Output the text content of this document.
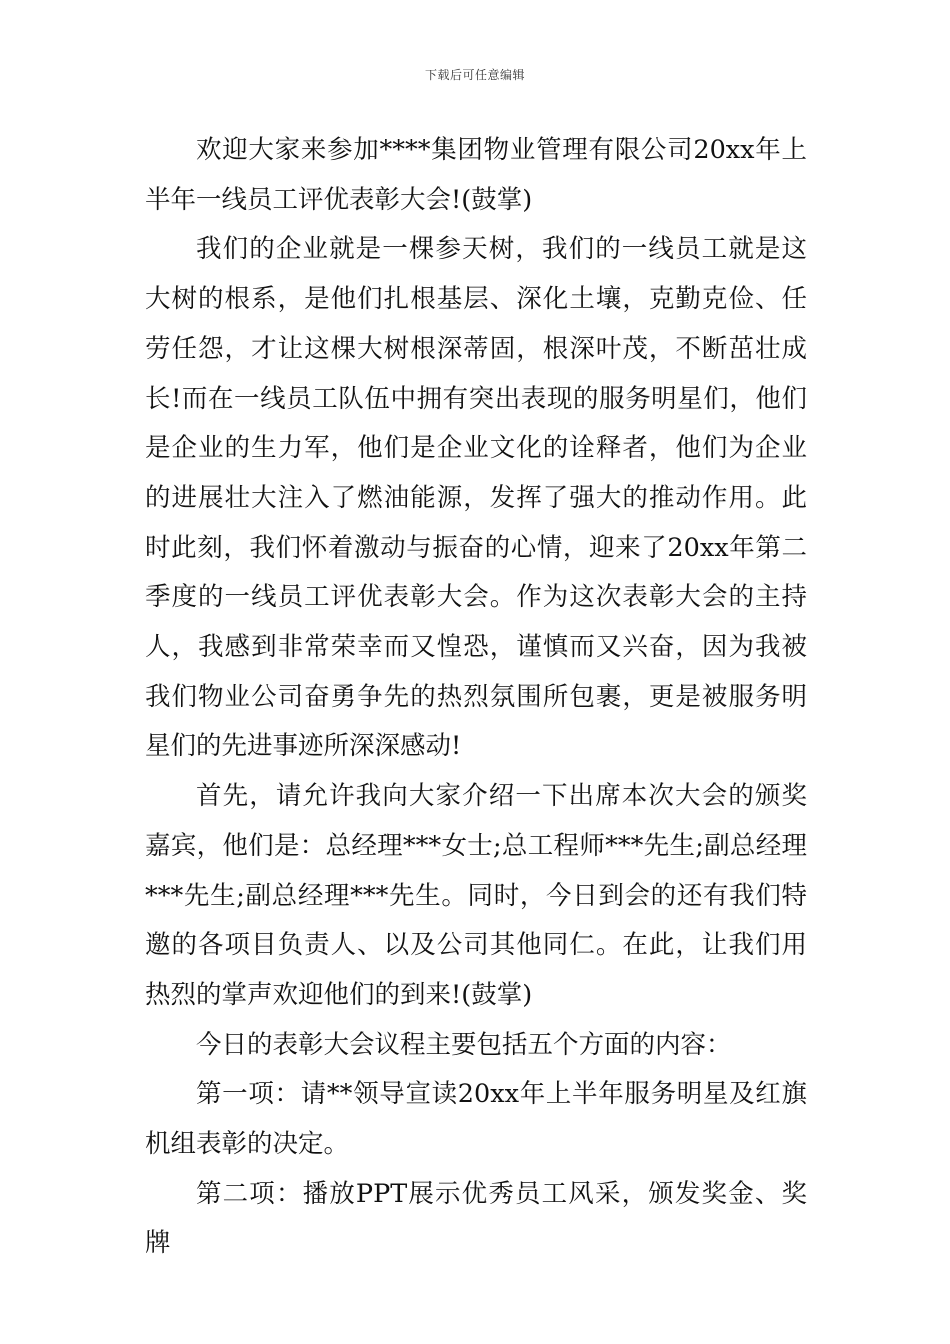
下载后可任意编辑

欢迎大家来参加****集团物业管理有限公司20xx年上半年一线员工评优表彰大会!(鼓掌)

我们的企业就是一棵参天树，我们的一线员工就是这大树的根系，是他们扎根基层、深化土壤，克勤克俭、任劳任怨，才让这棵大树根深蒂固，根深叶茂，不断茁壮成长!而在一线员工队伍中拥有突出表现的服务明星们，他们是企业的生力军，他们是企业文化的诠释者，他们为企业的进展壮大注入了燃油能源，发挥了强大的推动作用。此时此刻，我们怀着激动与振奋的心情，迎来了20xx年第二季度的一线员工评优表彰大会。作为这次表彰大会的主持人，我感到非常荣幸而又惶恐，谨慎而又兴奋，因为我被我们物业公司奋勇争先的热烈氛围所包裹，更是被服务明星们的先进事迹所深深感动!

首先，请允许我向大家介绍一下出席本次大会的颁奖嘉宾，他们是：总经理***女士;总工程师***先生;副总经理***先生;副总经理***先生。同时，今日到会的还有我们特邀的各项目负责人、以及公司其他同仁。在此，让我们用热烈的掌声欢迎他们的到来!(鼓掌)

今日的表彰大会议程主要包括五个方面的内容：

第一项：请**领导宣读20xx年上半年服务明星及红旗机组表彰的决定。

第二项：播放PPT展示优秀员工风采，颁发奖金、奖牌
